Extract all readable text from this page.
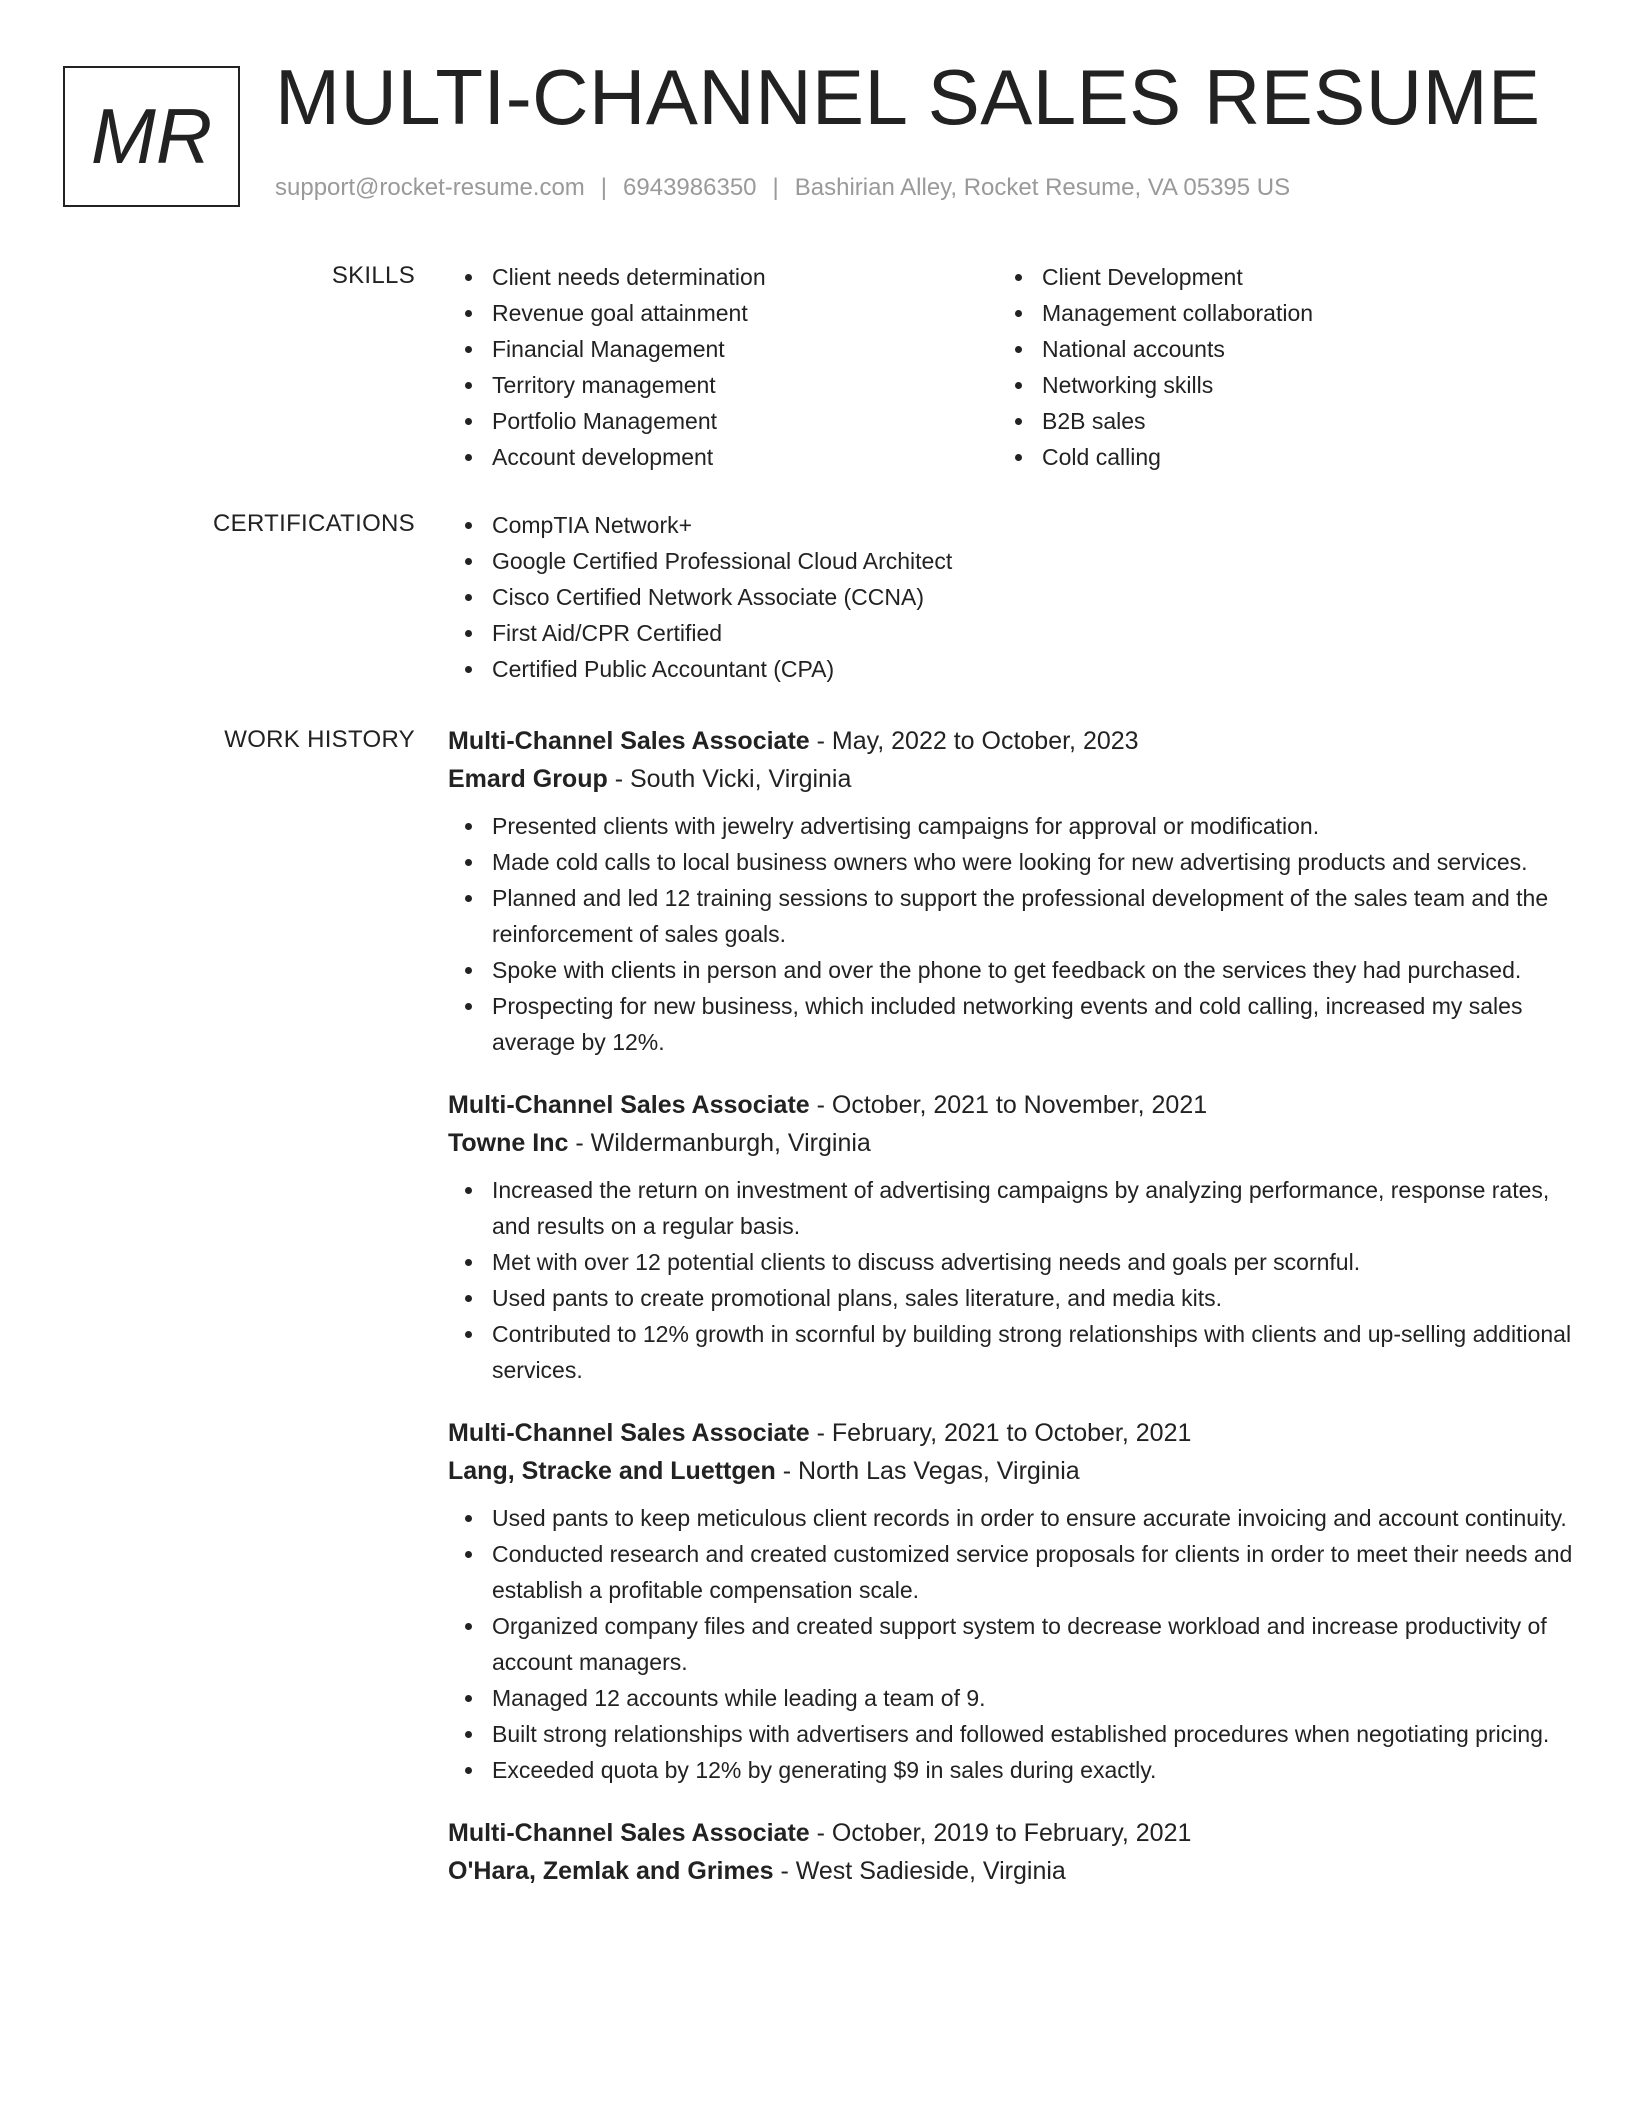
MR MULTI-CHANNEL SALES RESUME
support@rocket-resume.com | 6943986350 | Bashirian Alley, Rocket Resume, VA 05395 US
SKILLS	Client needs determination
Revenue goal attainment
Financial Management
Territory management
Portfolio Management
Account development
Client Development
Management collaboration
National accounts
Networking skills
B2B sales
Cold calling
CERTIFICATIONS	CompTIA Network+
Google Certified Professional Cloud Architect
Cisco Certified Network Associate (CCNA)
First Aid/CPR Certified
Certified Public Accountant (CPA)
WORK HISTORY Multi-Channel Sales Associate - May, 2022 to October, 2023
Emard Group - South Vicki, Virginia
Presented clients with jewelry advertising campaigns for approval or modification.
Made cold calls to local business owners who were looking for new advertising products and services.
Planned and led 12 training sessions to support the professional development of the sales team and the reinforcement of sales goals.
Spoke with clients in person and over the phone to get feedback on the services they had purchased.
Prospecting for new business, which included networking events and cold calling, increased my sales average by 12%.
Multi-Channel Sales Associate - October, 2021 to November, 2021
Towne Inc - Wildermanburgh, Virginia
Increased the return on investment of advertising campaigns by analyzing performance, response rates, and results on a regular basis.
Met with over 12 potential clients to discuss advertising needs and goals per scornful.
Used pants to create promotional plans, sales literature, and media kits.
Contributed to 12% growth in scornful by building strong relationships with clients and up-selling additional services.
Multi-Channel Sales Associate - February, 2021 to October, 2021
Lang, Stracke and Luettgen - North Las Vegas, Virginia
Used pants to keep meticulous client records in order to ensure accurate invoicing and account continuity.
Conducted research and created customized service proposals for clients in order to meet their needs and establish a profitable compensation scale.
Organized company files and created support system to decrease workload and increase productivity of account managers.
Managed 12 accounts while leading a team of 9.
Built strong relationships with advertisers and followed established procedures when negotiating pricing.
Exceeded quota by 12% by generating $9 in sales during exactly.
Multi-Channel Sales Associate - October, 2019 to February, 2021
O'Hara, Zemlak and Grimes - West Sadieside, Virginia
